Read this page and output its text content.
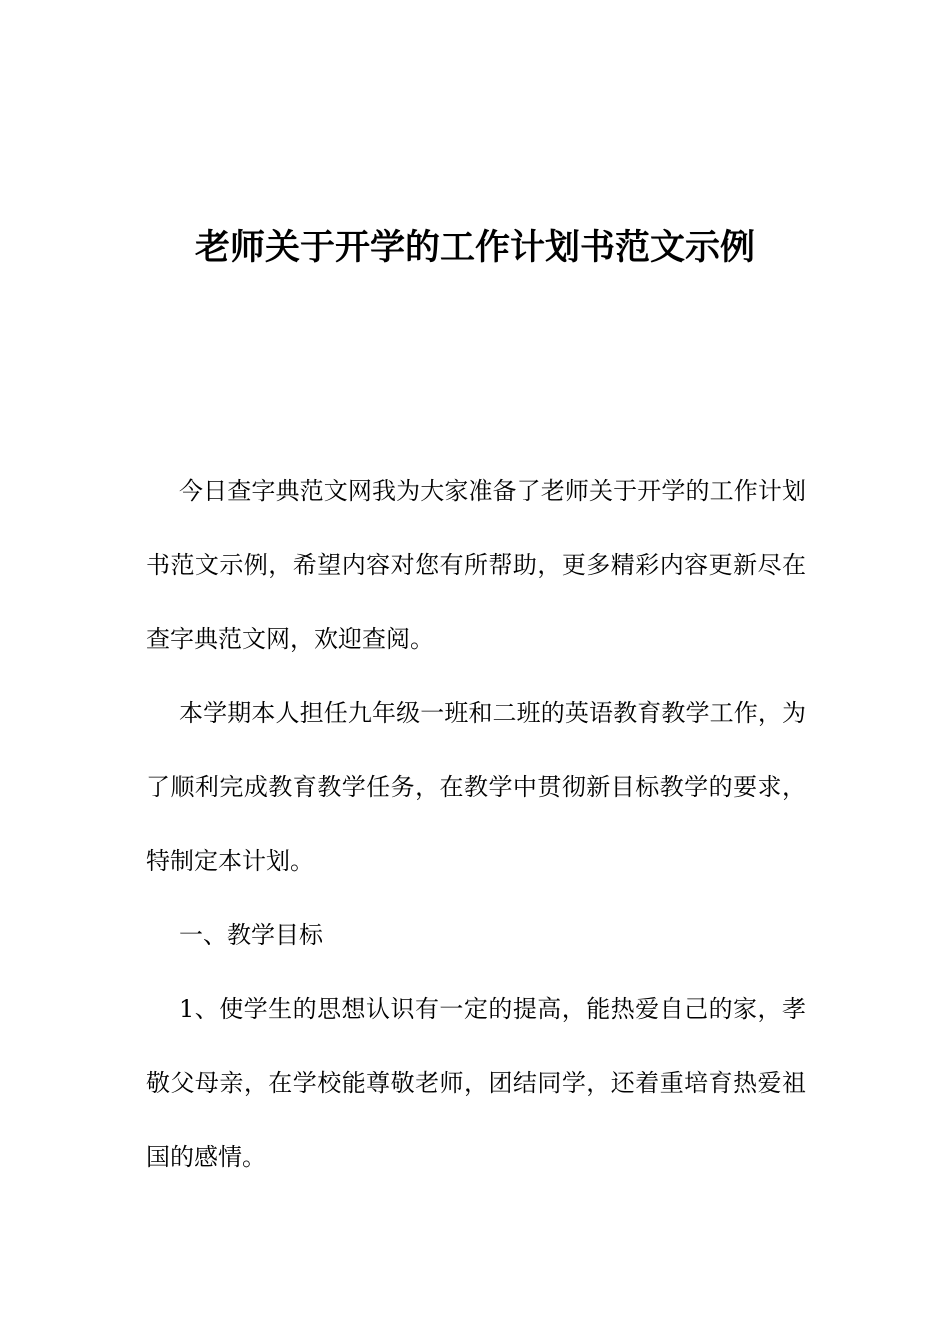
老师关于开学的工作计划书范文示例

今日查字典范文网我为大家准备了老师关于开学的工作计划书范文示例，希望内容对您有所帮助，更多精彩内容更新尽在查字典范文网，欢迎查阅。

本学期本人担任九年级一班和二班的英语教育教学工作，为了顺利完成教育教学任务，在教学中贯彻新目标教学的要求，特制定本计划。

一、教学目标

1、使学生的思想认识有一定的提高，能热爱自己的家，孝敬父母亲，在学校能尊敬老师，团结同学，还着重培育热爱祖国的感情。
